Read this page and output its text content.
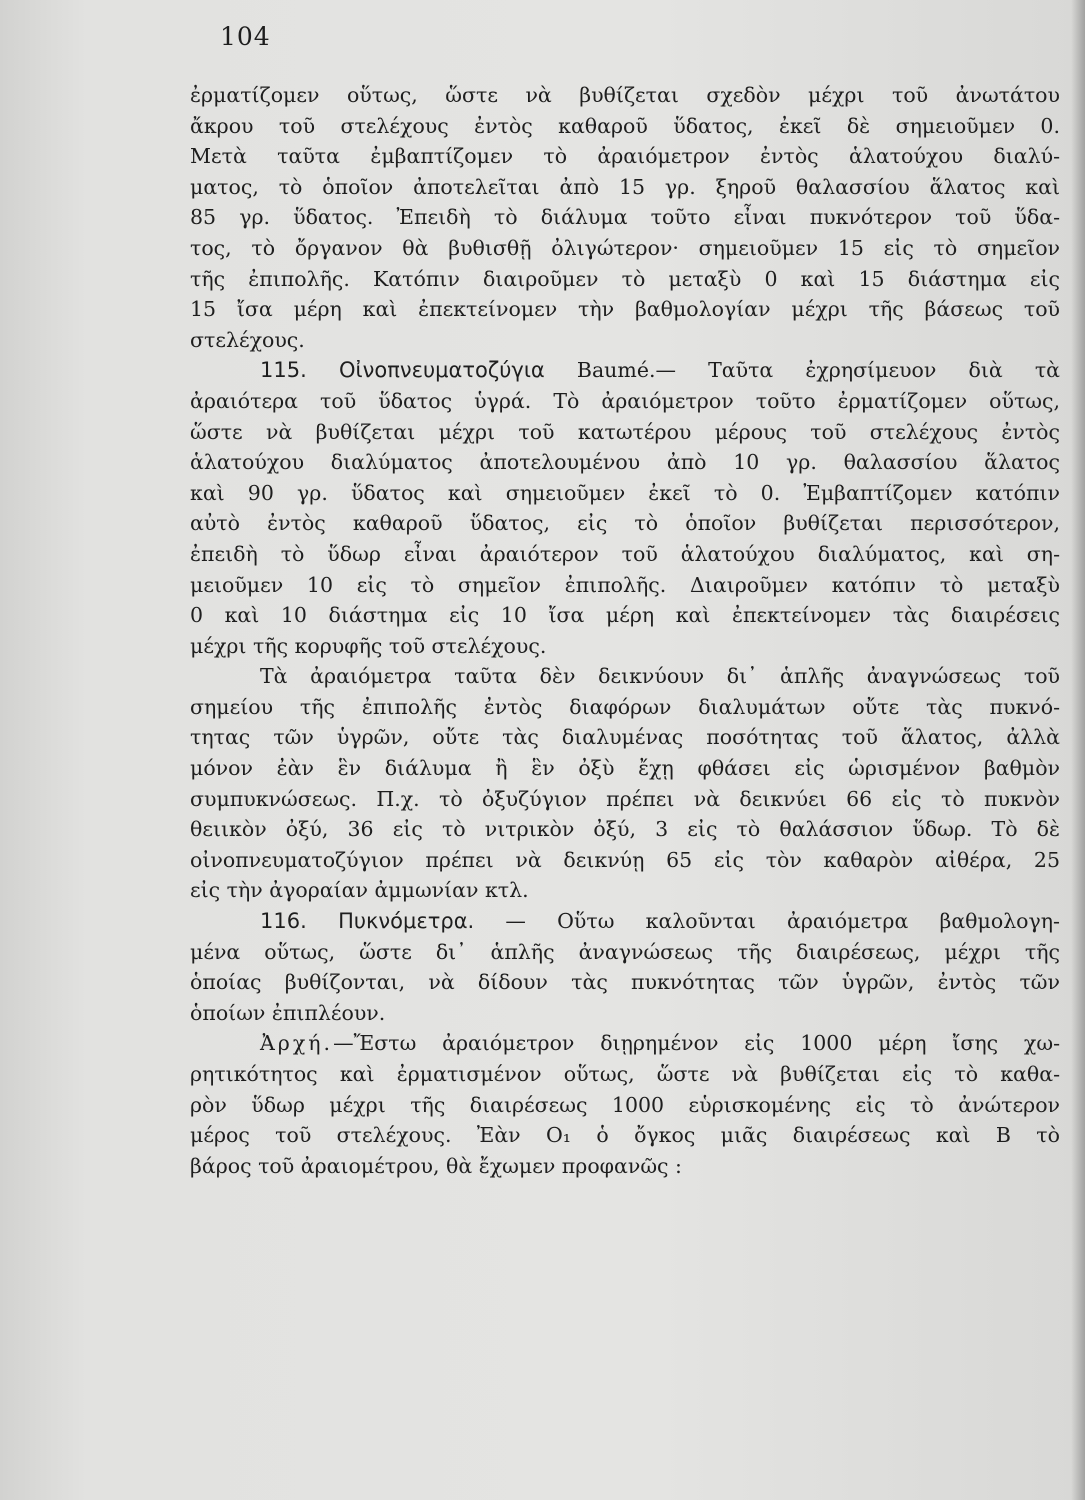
104
ἐρματίζομεν οὕτως, ὥστε νὰ βυθίζεται σχεδὸν μέχρι τοῦ ἀνωτάτου
ἄκρου τοῦ στελέχους ἐντὸς καθαροῦ ὕδατος, ἐκεῖ δὲ σημειοῦμεν 0.
Μετὰ ταῦτα ἐμβαπτίζομεν τὸ ἀραιόμετρον ἐντὸς ἁλατούχου διαλύ-
ματος, τὸ ὁποῖον ἀποτελεῖται ἀπὸ 15 γρ. ξηροῦ θαλασσίου ἅλατος καὶ
85 γρ. ὕδατος. Ἐπειδὴ τὸ διάλυμα τοῦτο εἶναι πυκνότερον τοῦ ὕδα-
τος, τὸ ὄργανον θὰ βυθισθῇ ὀλιγώτερον· σημειοῦμεν 15 εἰς τὸ σημεῖον
τῆς ἐπιπολῆς. Κατόπιν διαιροῦμεν τὸ μεταξὺ 0 καὶ 15 διάστημα εἰς
15 ἴσα μέρη καὶ ἐπεκτείνομεν τὴν βαθμολογίαν μέχρι τῆς βάσεως τοῦ
στελέχους.
115. Οἰνοπνευματοζύγια Baumé.— Ταῦτα ἐχρησίμευον διὰ τὰ
ἀραιότερα τοῦ ὕδατος ὑγρά. Τὸ ἀραιόμετρον τοῦτο ἐρματίζομεν οὕτως,
ὥστε νὰ βυθίζεται μέχρι τοῦ κατωτέρου μέρους τοῦ στελέχους ἐντὸς
ἁλατούχου διαλύματος ἀποτελουμένου ἀπὸ 10 γρ. θαλασσίου ἅλατος
καὶ 90 γρ. ὕδατος καὶ σημειοῦμεν ἐκεῖ τὸ 0. Ἐμβαπτίζομεν κατόπιν
αὐτὸ ἐντὸς καθαροῦ ὕδατος, εἰς τὸ ὁποῖον βυθίζεται περισσότερον,
ἐπειδὴ τὸ ὕδωρ εἶναι ἀραιότερον τοῦ ἁλατούχου διαλύματος, καὶ ση-
μειοῦμεν 10 εἰς τὸ σημεῖον ἐπιπολῆς. Διαιροῦμεν κατόπιν τὸ μεταξὺ
0 καὶ 10 διάστημα εἰς 10 ἴσα μέρη καὶ ἐπεκτείνομεν τὰς διαιρέσεις
μέχρι τῆς κορυφῆς τοῦ στελέχους.
Τὰ ἀραιόμετρα ταῦτα δὲν δεικνύουν δι᾿ ἁπλῆς ἀναγνώσεως τοῦ
σημείου τῆς ἐπιπολῆς ἐντὸς διαφόρων διαλυμάτων οὔτε τὰς πυκνό-
τητας τῶν ὑγρῶν, οὔτε τὰς διαλυμένας ποσότητας τοῦ ἅλατος, ἀλλὰ
μόνον ἐὰν ἓν διάλυμα ἢ ἓν ὀξὺ ἔχῃ φθάσει εἰς ὡρισμένον βαθμὸν
συμπυκνώσεως. Π.χ. τὸ ὀξυζύγιον πρέπει νὰ δεικνύει 66 εἰς τὸ πυκνὸν
θειικὸν ὀξύ, 36 εἰς τὸ νιτρικὸν ὀξύ, 3 εἰς τὸ θαλάσσιον ὕδωρ. Τὸ δὲ
οἰνοπνευματοζύγιον πρέπει νὰ δεικνύῃ 65 εἰς τὸν καθαρὸν αἰθέρα, 25
εἰς τὴν ἀγοραίαν ἀμμωνίαν κτλ.
116. Πυκνόμετρα. — Οὕτω καλοῦνται ἀραιόμετρα βαθμολογη-
μένα οὕτως, ὥστε δι᾿ ἁπλῆς ἀναγνώσεως τῆς διαιρέσεως, μέχρι τῆς
ὁποίας βυθίζονται, νὰ δίδουν τὰς πυκνότητας τῶν ὑγρῶν, ἐντὸς τῶν
ὁποίων ἐπιπλέουν.
Ἀρχή.—Ἔστω ἀραιόμετρον διῃρημένον εἰς 1000 μέρη ἴσης χω-
ρητικότητος καὶ ἐρματισμένον οὕτως, ὥστε νὰ βυθίζεται εἰς τὸ καθα-
ρὸν ὕδωρ μέχρι τῆς διαιρέσεως 1000 εὑρισκομένης εἰς τὸ ἀνώτερον
μέρος τοῦ στελέχους. Ἐὰν O₁ ὁ ὄγκος μιᾶς διαιρέσεως καὶ B τὸ
βάρος τοῦ ἀραιομέτρου, θὰ ἔχωμεν προφανῶς :
